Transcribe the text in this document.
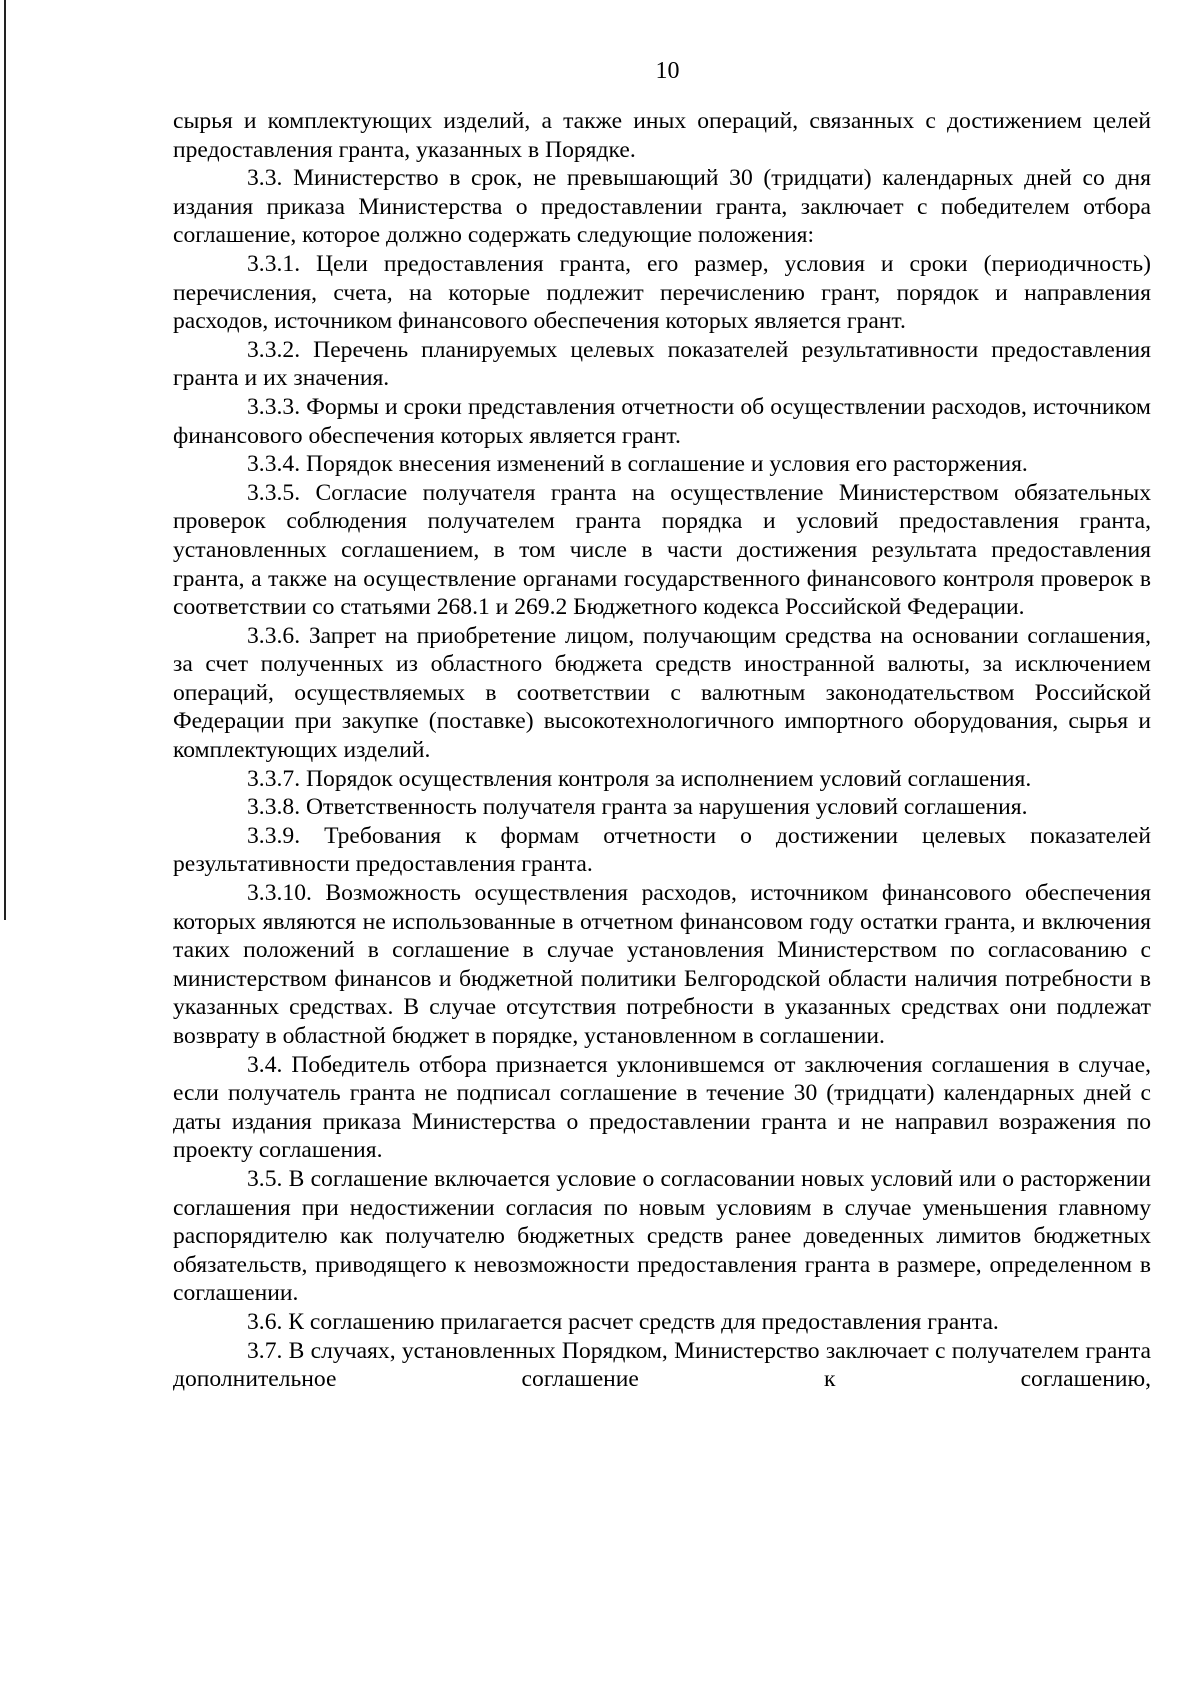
10

сырья и комплектующих изделий, а также иных операций, связанных с достижением целей предоставления гранта, указанных в Порядке.

3.3. Министерство в срок, не превышающий 30 (тридцати) календарных дней со дня издания приказа Министерства о предоставлении гранта, заключает с победителем отбора соглашение, которое должно содержать следующие положения:

3.3.1. Цели предоставления гранта, его размер, условия и сроки (периодичность) перечисления, счета, на которые подлежит перечислению грант, порядок и направления расходов, источником финансового обеспечения которых является грант.

3.3.2. Перечень планируемых целевых показателей результативности предоставления гранта и их значения.

3.3.3. Формы и сроки представления отчетности об осуществлении расходов, источником финансового обеспечения которых является грант.

3.3.4. Порядок внесения изменений в соглашение и условия его расторжения.

3.3.5. Согласие получателя гранта на осуществление Министерством обязательных проверок соблюдения получателем гранта порядка и условий предоставления гранта, установленных соглашением, в том числе в части достижения результата предоставления гранта, а также на осуществление органами государственного финансового контроля проверок в соответствии со статьями 268.1 и 269.2 Бюджетного кодекса Российской Федерации.

3.3.6. Запрет на приобретение лицом, получающим средства на основании соглашения, за счет полученных из областного бюджета средств иностранной валюты, за исключением операций, осуществляемых в соответствии с валютным законодательством Российской Федерации при закупке (поставке) высокотехнологичного импортного оборудования, сырья и комплектующих изделий.

3.3.7. Порядок осуществления контроля за исполнением условий соглашения.

3.3.8. Ответственность получателя гранта за нарушения условий соглашения.

3.3.9. Требования к формам отчетности о достижении целевых показателей результативности предоставления гранта.

3.3.10. Возможность осуществления расходов, источником финансового обеспечения которых являются не использованные в отчетном финансовом году остатки гранта, и включения таких положений в соглашение в случае установления Министерством по согласованию с министерством финансов и бюджетной политики Белгородской области наличия потребности в указанных средствах. В случае отсутствия потребности в указанных средствах они подлежат возврату в областной бюджет в порядке, установленном в соглашении.

3.4. Победитель отбора признается уклонившемся от заключения соглашения в случае, если получатель гранта не подписал соглашение в течение 30 (тридцати) календарных дней с даты издания приказа Министерства о предоставлении гранта и не направил возражения по проекту соглашения.

3.5. В соглашение включается условие о согласовании новых условий или о расторжении соглашения при недостижении согласия по новым условиям в случае уменьшения главному распорядителю как получателю бюджетных средств ранее доведенных лимитов бюджетных обязательств, приводящего к невозможности предоставления гранта в размере, определенном в соглашении.

3.6. К соглашению прилагается расчет средств для предоставления гранта.

3.7. В случаях, установленных Порядком, Министерство заключает с получателем гранта дополнительное соглашение к соглашению,
